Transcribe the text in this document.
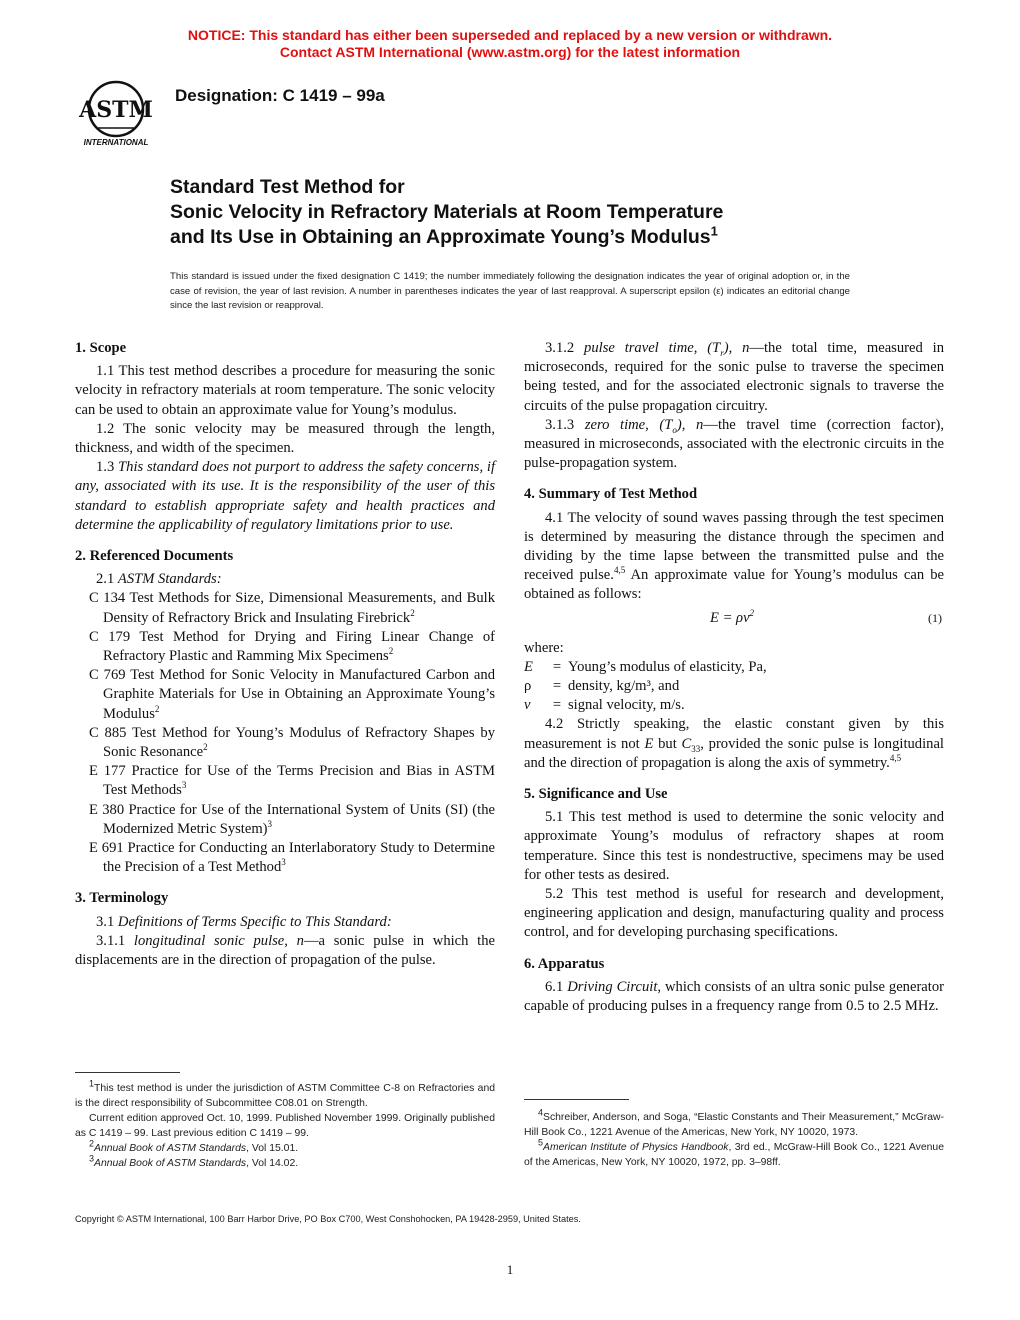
NOTICE: This standard has either been superseded and replaced by a new version or withdrawn.
Contact ASTM International (www.astm.org) for the latest information
ASTM
INTERNATIONAL
Designation: C 1419 – 99a
Standard Test Method for
Sonic Velocity in Refractory Materials at Room Temperature
and Its Use in Obtaining an Approximate Young’s Modulus$^1$
This standard is issued under the fixed designation C 1419; the number immediately following the designation indicates the year of original adoption or, in the case of revision, the year of last revision. A number in parentheses indicates the year of last reapproval. A superscript epsilon (ε) indicates an editorial change since the last revision or reapproval.

1. Scope

1.1 This test method describes a procedure for measuring the sonic velocity in refractory materials at room temperature. The sonic velocity can be used to obtain an approximate value for Young’s modulus.

1.2 The sonic velocity may be measured through the length, thickness, and width of the specimen.

1.3 This standard does not purport to address the safety concerns, if any, associated with its use. It is the responsibility of the user of this standard to establish appropriate safety and health practices and determine the applicability of regulatory limitations prior to use.

2. Referenced Documents

2.1 ASTM Standards:

C 134 Test Methods for Size, Dimensional Measurements, and Bulk Density of Refractory Brick and Insulating Firebrick$^2$

C 179 Test Method for Drying and Firing Linear Change of Refractory Plastic and Ramming Mix Specimens$^2$

C 769 Test Method for Sonic Velocity in Manufactured Carbon and Graphite Materials for Use in Obtaining an Approximate Young’s Modulus$^2$

C 885 Test Method for Young’s Modulus of Refractory Shapes by Sonic Resonance$^2$

E 177 Practice for Use of the Terms Precision and Bias in ASTM Test Methods$^3$

E 380 Practice for Use of the International System of Units (SI) (the Modernized Metric System)$^3$

E 691 Practice for Conducting an Interlaboratory Study to Determine the Precision of a Test Method$^3$

3. Terminology

3.1 Definitions of Terms Specific to This Standard:

3.1.1 longitudinal sonic pulse, n—a sonic pulse in which the displacements are in the direction of propagation of the pulse.

3.1.2 pulse travel time, $(T_r)$, n—the total time, measured in microseconds, required for the sonic pulse to traverse the specimen being tested, and for the associated electronic signals to traverse the circuits of the pulse propagation circuitry.

3.1.3 zero time, $(T_o)$, n—the travel time (correction factor), measured in microseconds, associated with the electronic circuits in the pulse-propagation system.

4. Summary of Test Method

4.1 The velocity of sound waves passing through the test specimen is determined by measuring the distance through the specimen and dividing by the time lapse between the transmitted pulse and the received pulse.$^{4,5}$ An approximate value for Young’s modulus can be obtained as follows:

$E = \rho v^2$	(1)

where:

E	= Young’s modulus of elasticity, Pa,
ρ	= density, kg/m³, and
v	= signal velocity, m/s.

4.2 Strictly speaking, the elastic constant given by this measurement is not E but $C_{33}$, provided the sonic pulse is longitudinal and the direction of propagation is along the axis of symmetry.$^{4,5}$

5. Significance and Use

5.1 This test method is used to determine the sonic velocity and approximate Young’s modulus of refractory shapes at room temperature. Since this test is nondestructive, specimens may be used for other tests as desired.

5.2 This test method is useful for research and development, engineering application and design, manufacturing quality and process control, and for developing purchasing specifications.

6. Apparatus

6.1 Driving Circuit, which consists of an ultra sonic pulse generator capable of producing pulses in a frequency range from 0.5 to 2.5 MHz.

$^1$This test method is under the jurisdiction of ASTM Committee C-8 on Refractories and is the direct responsibility of Subcommittee C08.01 on Strength.

Current edition approved Oct. 10, 1999. Published November 1999. Originally published as C 1419 – 99. Last previous edition C 1419 – 99.

$^2$Annual Book of ASTM Standards, Vol 15.01.

$^3$Annual Book of ASTM Standards, Vol 14.02.

$^4$Schreiber, Anderson, and Soga, “Elastic Constants and Their Measurement,” McGraw-Hill Book Co., 1221 Avenue of the Americas, New York, NY 10020, 1973.

$^5$American Institute of Physics Handbook, 3rd ed., McGraw-Hill Book Co., 1221 Avenue of the Americas, New York, NY 10020, 1972, pp. 3–98ff.

Copyright © ASTM International, 100 Barr Harbor Drive, PO Box C700, West Conshohocken, PA 19428-2959, United States.
1
